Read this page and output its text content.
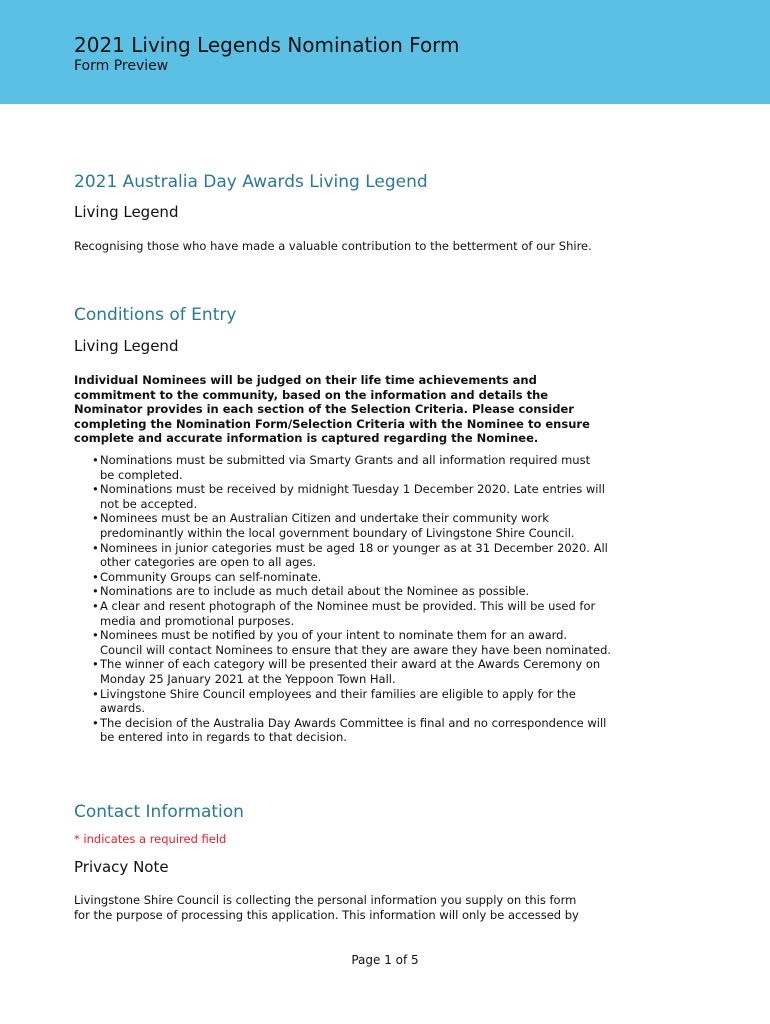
2021 Living Legends Nomination Form
Form Preview
2021 Australia Day Awards Living Legend
Living Legend
Recognising those who have made a valuable contribution to the betterment of our Shire.
Conditions of Entry
Living Legend
Individual Nominees will be judged on their life time achievements and
commitment to the community, based on the information and details the
Nominator provides in each section of the Selection Criteria. Please consider
completing the Nomination Form/Selection Criteria with the Nominee to ensure
complete and accurate information is captured regarding the Nominee.
• Nominations must be submitted via Smarty Grants and all information required must
be completed.
• Nominations must be received by midnight Tuesday 1 December 2020. Late entries will
not be accepted.
• Nominees must be an Australian Citizen and undertake their community work
predominantly within the local government boundary of Livingstone Shire Council.
• Nominees in junior categories must be aged 18 or younger as at 31 December 2020. All
other categories are open to all ages.
• Community Groups can self-nominate.
• Nominations are to include as much detail about the Nominee as possible.
• A clear and resent photograph of the Nominee must be provided. This will be used for
media and promotional purposes.
• Nominees must be notified by you of your intent to nominate them for an award.
Council will contact Nominees to ensure that they are aware they have been nominated.
• The winner of each category will be presented their award at the Awards Ceremony on
Monday 25 January 2021 at the Yeppoon Town Hall.
• Livingstone Shire Council employees and their families are eligible to apply for the
awards.
• The decision of the Australia Day Awards Committee is final and no correspondence will
be entered into in regards to that decision.
Contact Information
* indicates a required field
Privacy Note
Livingstone Shire Council is collecting the personal information you supply on this form
for the purpose of processing this application. This information will only be accessed by
Page 1 of 5
